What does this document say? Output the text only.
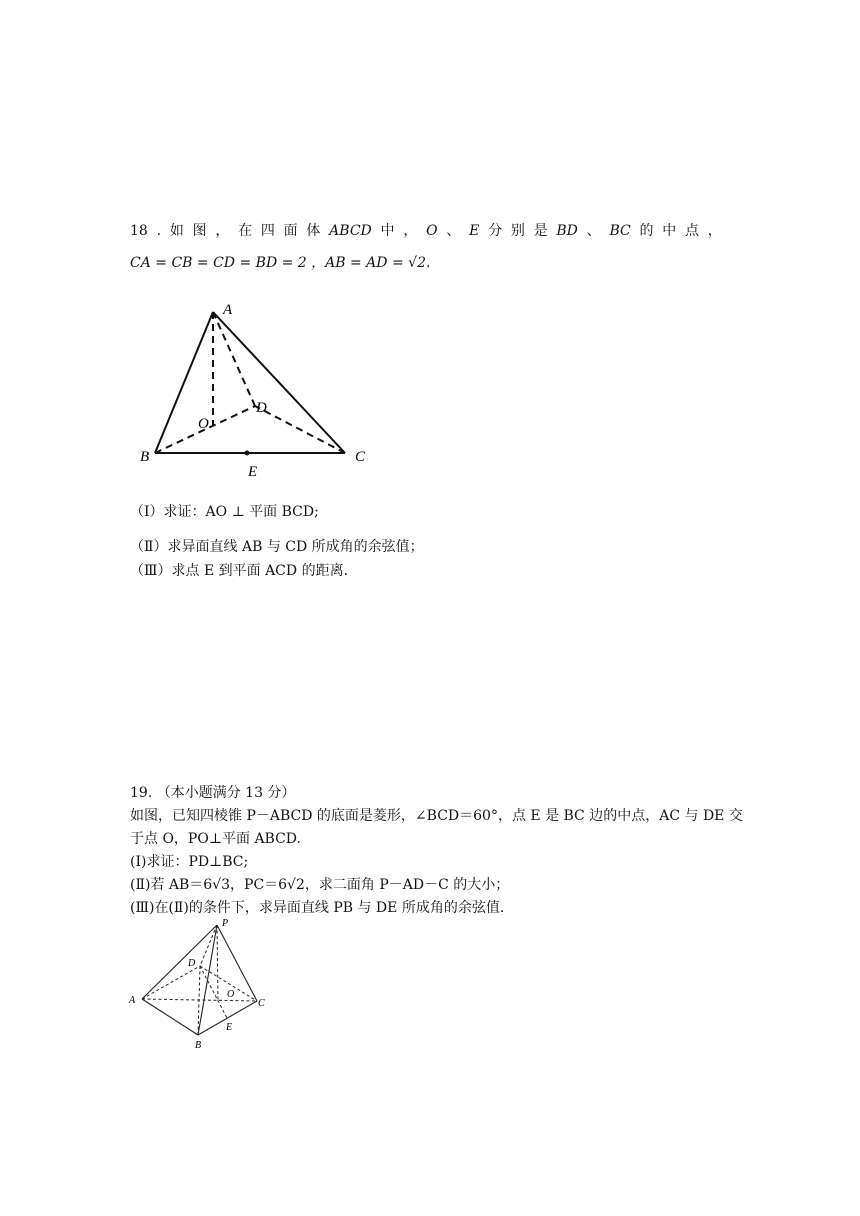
18 . 如 图 ， 在 四 面 体 ABCD 中 ， O 、 E 分 别 是 BD 、 BC 的 中 点 ，
CA = CB = CD = BD = 2 ，AB = AD = √2.
A
B	C
D
O
E
（Ⅰ）求证：AO ⊥ 平面 BCD;
（Ⅱ）求异面直线 AB 与 CD 所成角的余弦值；
（Ⅲ）求点 E 到平面 ACD 的距离．
19. （本小题满分 13 分）
如图，已知四棱锥 P－ABCD 的底面是菱形，∠BCD＝60°，点 E 是 BC 边的中点，AC 与 DE 交
于点 O，PO⊥平面 ABCD.
(Ⅰ)求证：PD⊥BC;
(Ⅱ)若 AB＝6√3，PC＝6√2，求二面角 P－AD－C 的大小；
(Ⅲ)在(Ⅱ)的条件下，求异面直线 PB 与 DE 所成角的余弦值.
P
D
A
O
C
E
B
